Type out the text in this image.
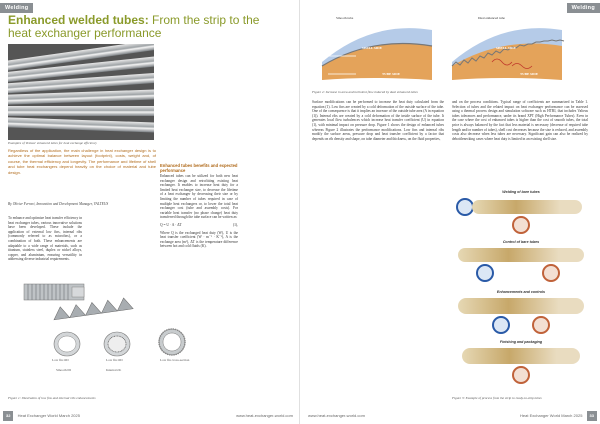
Welding
Enhanced welded tubes: From the strip to the heat exchanger performance
Examples of Vestsas' enhanced tubes for heat exchange efficiency
Regardless of the application, the main challenge in heat exchanger design is to achieve the optimal balance between layout (footprint), costs, weight and, of course, the thermal efficiency and longevity. The performance and lifetime of shell and tube heat exchangers depend heavily on the choice of material and tube design.
By Olivier Ferrari, Innovation and Development Manager, VALTEUS
To enhance and optimize heat transfer efficiency in heat exchanger tubes, various innovative solutions have been developed. These include the application of external low fins, internal ribs (commonly referred to as microfins), or a combination of both. These enhancements are adaptable to a wide range of materials, such as titanium, stainless steel, duplex or nickel alloys, copper, and aluminium, ensuring versatility in addressing diverse industrial requirements.
Enhanced tubes benefits and expected performance
Enhanced tubes can be utilized for both new heat exchanger design and retrofitting existing heat exchanger. It enables to increase heat duty for a limited heat exchanger size, to decrease the lifetime of a heat exchanger by decreasing their size or by limiting the number of tubes required in case of multiple heat exchangers or, to lower the total heat exchanger cost (tube and assembly costs). For variable heat transfer (no phase change) heat duty transferred through the tube surface can be written as:
Q = U · A · ΔT	(1),
Where Q is the exchanged heat duty (W), U is the heat transfer coefficient (W · m⁻² · K⁻¹), A is the exchange area (m²), ΔT is the temperature difference between hot and cold fluids (K).
Low fin OD	Low fin OD	Low fin cross-section
Smooth ID	Internal rib
Figure 1: Illustration of low fins and internal ribs enhancements
32 Heat Exchanger World March 2025	www.heat-exchanger-world.com
Welding
Smooth tube	Dual enhanced tube
SHELL SIDE
TUBE SIDE
SHELL SIDE
TUBE SIDE
Figure 2: Increase in area and turbulent flow induced by dual enhanced tubes
Surface modifications can be performed to increase the heat duty calculated from the equation (1). Low fins are created by a cold deformation of the outside surface of the tube. One of the consequence is that it implies an increase of the outside tube area (A in equation (1)). Internal ribs are created by a cold deformation of the inside surface of the tube. It generates local flow turbulences which increase heat transfer coefficient (U) in equation (1), with minimal impact on pressure drop. Figure 1 shows the design of enhanced tubes whereas Figure 2 illustrates the performance modifications. Low fins and internal ribs modify the surface areas, pressure drop and heat transfer coefficient by a factor that depends on rib density and shape, on tube diameter and thickness, on the fluid properties,
and on the process conditions. Typical range of coefficients are summarized in Table 1. Selection of tubes and the related impact on heat exchanger performance can be assessed using a thermal process design and simulation software such as HTRI, that includes Valteus tubes tolerances and performance, under its brand XPT (High Performance Tubes). Even in the case where the cost of enhanced tubes is higher than the cost of smooth tubes, the total price is always balanced by the fact that less material is necessary (decrease of required tube length and/or number of tubes), shell cost decreases because the size is reduced, and assembly costs also decrease when less tubes are necessary. Significant gain can also be realized by debottlenecking cases where heat duty is limited in an existing shell size.
Welding of bare tubes
Control of bare tubes
Enhancements and controls
Finishing and packaging
Figure 3: Example of process from the strip to ready-to-ship tubes
www.heat-exchanger-world.com	Heat Exchanger World March 2025 33
